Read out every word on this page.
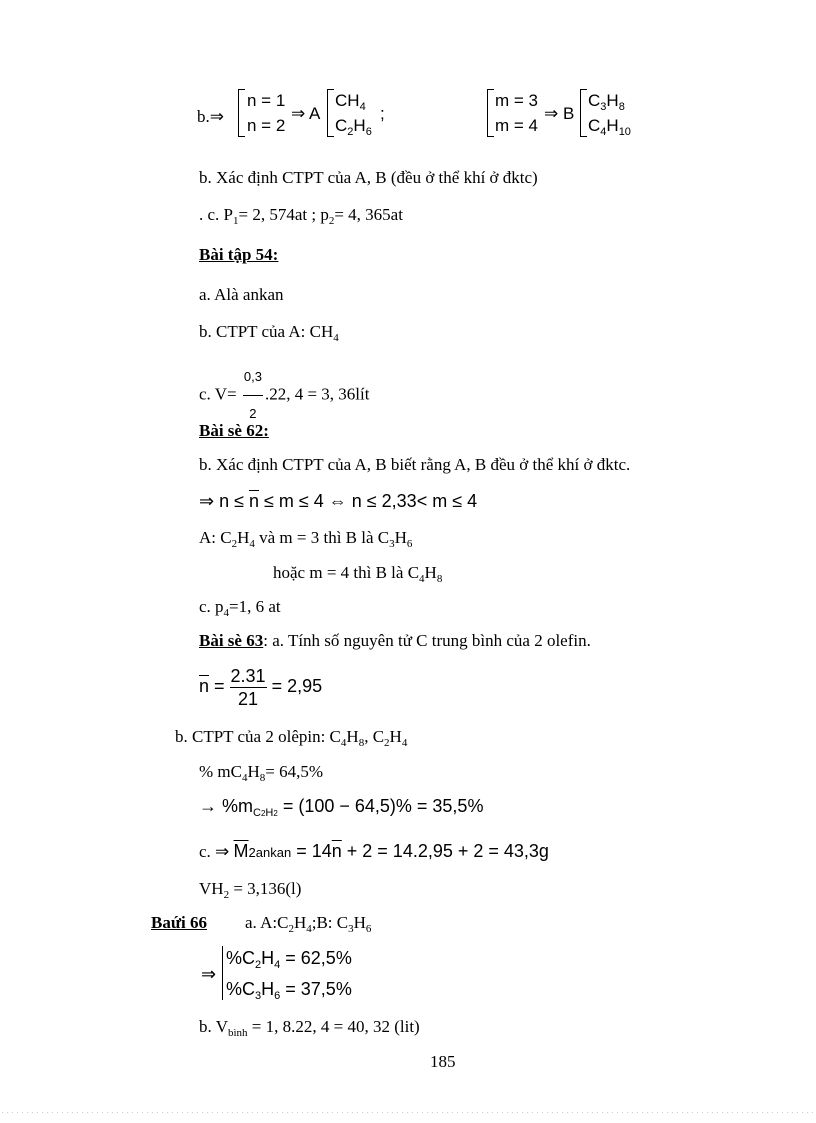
b.⇒
n = 1
n = 2
⇒ A
$CH_4$
$C_2H_6$
;
m = 3
m = 4
⇒ B
$C_3H_8$
$C_4H_{10}$
b. Xác định CTPT của A, B (đều ở thể khí ở đktc)
. c. $P_1= 2$, 574at ; $p_2= 4$, 365at
Bài tập 54:
a. Alà ankan
b. CTPT của A: $CH_4$
c. $V= \frac{0,3}{2} .22$, 4 = 3, 36lít
Bài sè 62:
b. Xác định CTPT của A, B biết rằng A, B đều ở thể khí ở đktc.
⇒ $n \le \overline{n} \le m \le 4$ ⇔ n ≤ 2,33< m ≤ 4
A: $C_2H_4$ và m = 3 thì B là $C_3H_6$
hoặc m = 4 thì B là $C_4H_8$
c. $p_4=1$, 6 at
Bài sè 63: a. Tính số nguyên tử C trung bình của 2 olefin.
$\overline{n} = \frac{2.31}{21} = 2,95$
b. CTPT của 2 olêpin: $C_4H_8$, $C_2H_4$
% $mC_4H_8= 64,5\%$
→ $\%m_{C2H2} = (100 - 64,5)\% = 35,5\%$
c. ⇒ $\overline{M}2ankan = 14\overline{n} + 2 = 14.2,95 + 2 = 43,3g$
$VH_2 = 3,136(l)$
Baứi 66 a. $A:C_2H_4;B$: $C_3H_6$
⇒
$\%C_2H_4 = 62,5\%$
$\%C_3H_6 = 37,5\%$
b. $V_{bình} = 1$, 8.22, 4 = 40, 32 (lit)
185
